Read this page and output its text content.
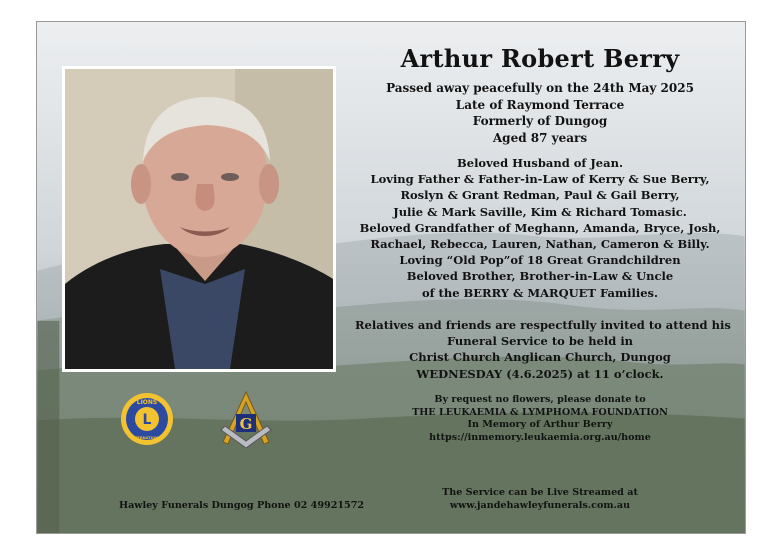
Arthur Robert Berry
Passed away peacefully on the 24th May 2025
Late of Raymond Terrace
Formerly of Dungog
Aged 87 years
Beloved Husband of Jean.
Loving Father & Father-in-Law of Kerry & Sue Berry,
Roslyn & Grant Redman, Paul & Gail Berry,
Julie & Mark Saville, Kim & Richard Tomasic.
Beloved Grandfather of Meghann, Amanda, Bryce, Josh,
Rachael, Rebecca, Lauren, Nathan, Cameron & Billy.
Loving “Old Pop”of 18 Great Grandchildren
Beloved Brother, Brother-in-Law & Uncle
of the BERRY & MARQUET Families.
Relatives and friends are respectfully invited to attend his
Funeral Service to be held in
Christ Church Anglican Church, Dungog
WEDNESDAY (4.6.2025) at 11 o’clock.
By request no flowers, please donate to
THE LEUKAEMIA & LYMPHOMA FOUNDATION
In Memory of Arthur Berry
https://inmemory.leukaemia.org.au/home
The Service can be Live Streamed at
www.jandehawleyfunerals.com.au
Hawley Funerals Dungog Phone 02 49921572
L
LIONS
INTERNATIONAL
G
